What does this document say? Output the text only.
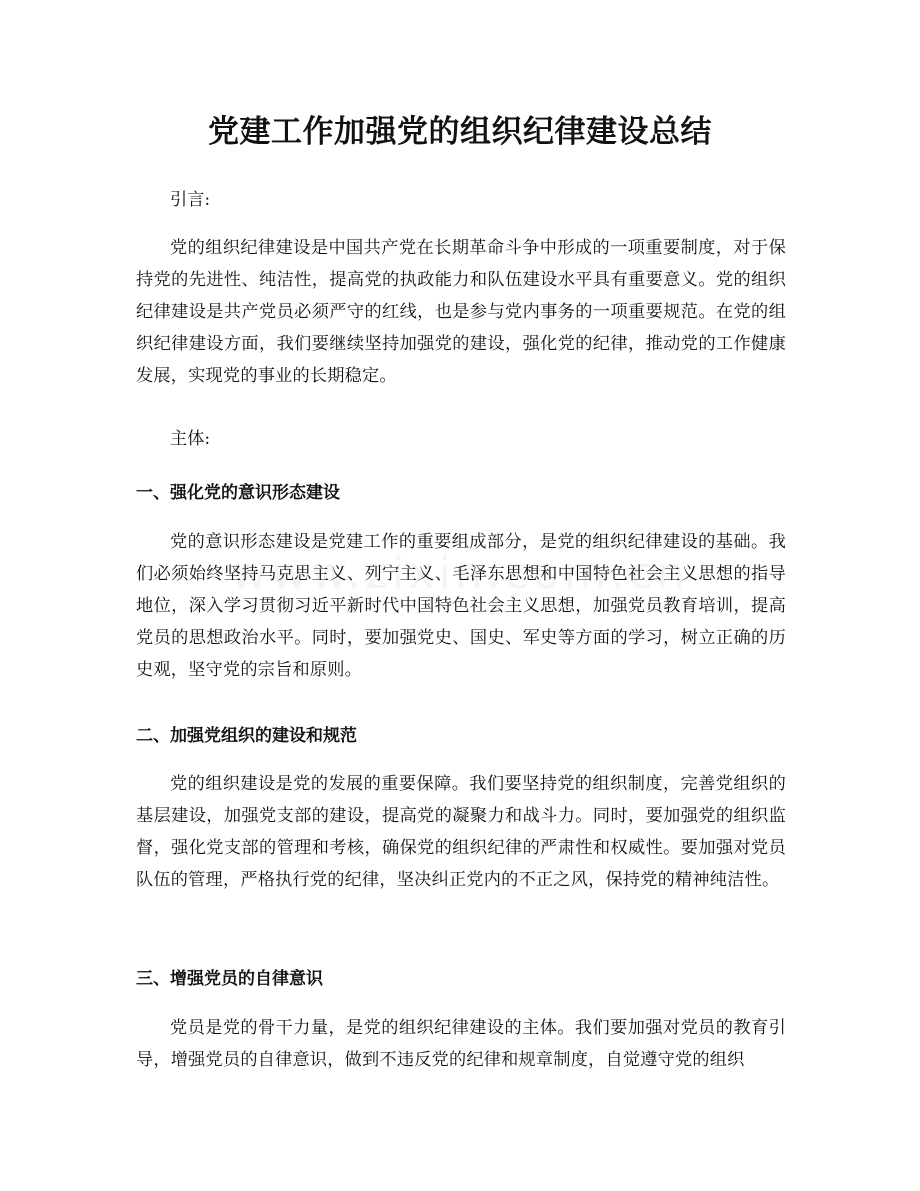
党建工作加强党的组织纪律建设总结

引言:

党的组织纪律建设是中国共产党在长期革命斗争中形成的一项重要制度，对于保持党的先进性、纯洁性，提高党的执政能力和队伍建设水平具有重要意义。党的组织纪律建设是共产党员必须严守的红线，也是参与党内事务的一项重要规范。在党的组织纪律建设方面，我们要继续坚持加强党的建设，强化党的纪律，推动党的工作健康发展，实现党的事业的长期稳定。

主体:

一、强化党的意识形态建设

党的意识形态建设是党建工作的重要组成部分，是党的组织纪律建设的基础。我们必须始终坚持马克思主义、列宁主义、毛泽东思想和中国特色社会主义思想的指导地位，深入学习贯彻习近平新时代中国特色社会主义思想，加强党员教育培训，提高党员的思想政治水平。同时，要加强党史、国史、军史等方面的学习，树立正确的历史观，坚守党的宗旨和原则。

二、加强党组织的建设和规范

党的组织建设是党的发展的重要保障。我们要坚持党的组织制度，完善党组织的基层建设，加强党支部的建设，提高党的凝聚力和战斗力。同时，要加强党的组织监督，强化党支部的管理和考核，确保党的组织纪律的严肃性和权威性。要加强对党员队伍的管理，严格执行党的纪律，坚决纠正党内的不正之风，保持党的精神纯洁性。

三、增强党员的自律意识

党员是党的骨干力量，是党的组织纪律建设的主体。我们要加强对党员的教育引导，增强党员的自律意识，做到不违反党的纪律和规章制度，自觉遵守党的组织
